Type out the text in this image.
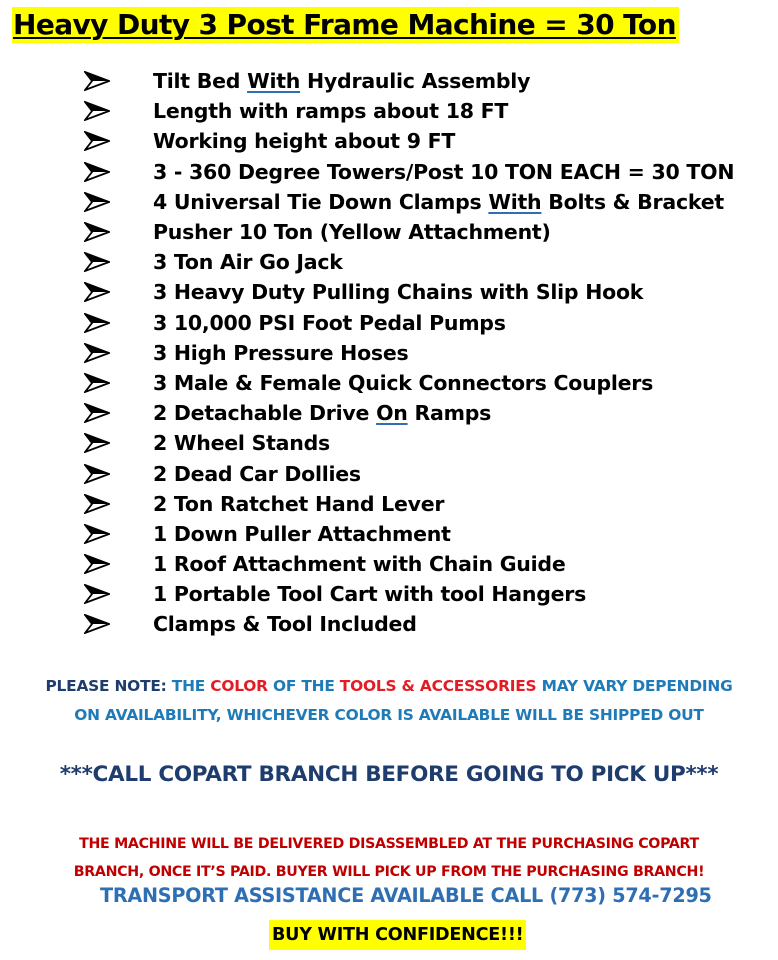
Heavy Duty 3 Post Frame Machine = 30 Ton
Tilt Bed With Hydraulic Assembly
Length with ramps about 18 FT
Working height about 9 FT
3 - 360 Degree Towers/Post 10 TON EACH = 30 TON
4 Universal Tie Down Clamps With Bolts & Bracket
Pusher 10 Ton (Yellow Attachment)
3 Ton Air Go Jack
3 Heavy Duty Pulling Chains with Slip Hook
3 10,000 PSI Foot Pedal Pumps
3 High Pressure Hoses
3 Male & Female Quick Connectors Couplers
2 Detachable Drive On Ramps
2 Wheel Stands
2 Dead Car Dollies
2 Ton Ratchet Hand Lever
1 Down Puller Attachment
1 Roof Attachment with Chain Guide
1 Portable Tool Cart with tool Hangers
Clamps & Tool Included
PLEASE NOTE: THE COLOR OF THE TOOLS & ACCESSORIES MAY VARY DEPENDING
ON AVAILABILITY, WHICHEVER COLOR IS AVAILABLE WILL BE SHIPPED OUT
***CALL COPART BRANCH BEFORE GOING TO PICK UP***
THE MACHINE WILL BE DELIVERED DISASSEMBLED AT THE PURCHASING COPART
BRANCH, ONCE IT’S PAID. BUYER WILL PICK UP FROM THE PURCHASING BRANCH!
TRANSPORT ASSISTANCE AVAILABLE CALL (773) 574-7295
BUY WITH CONFIDENCE!!!
